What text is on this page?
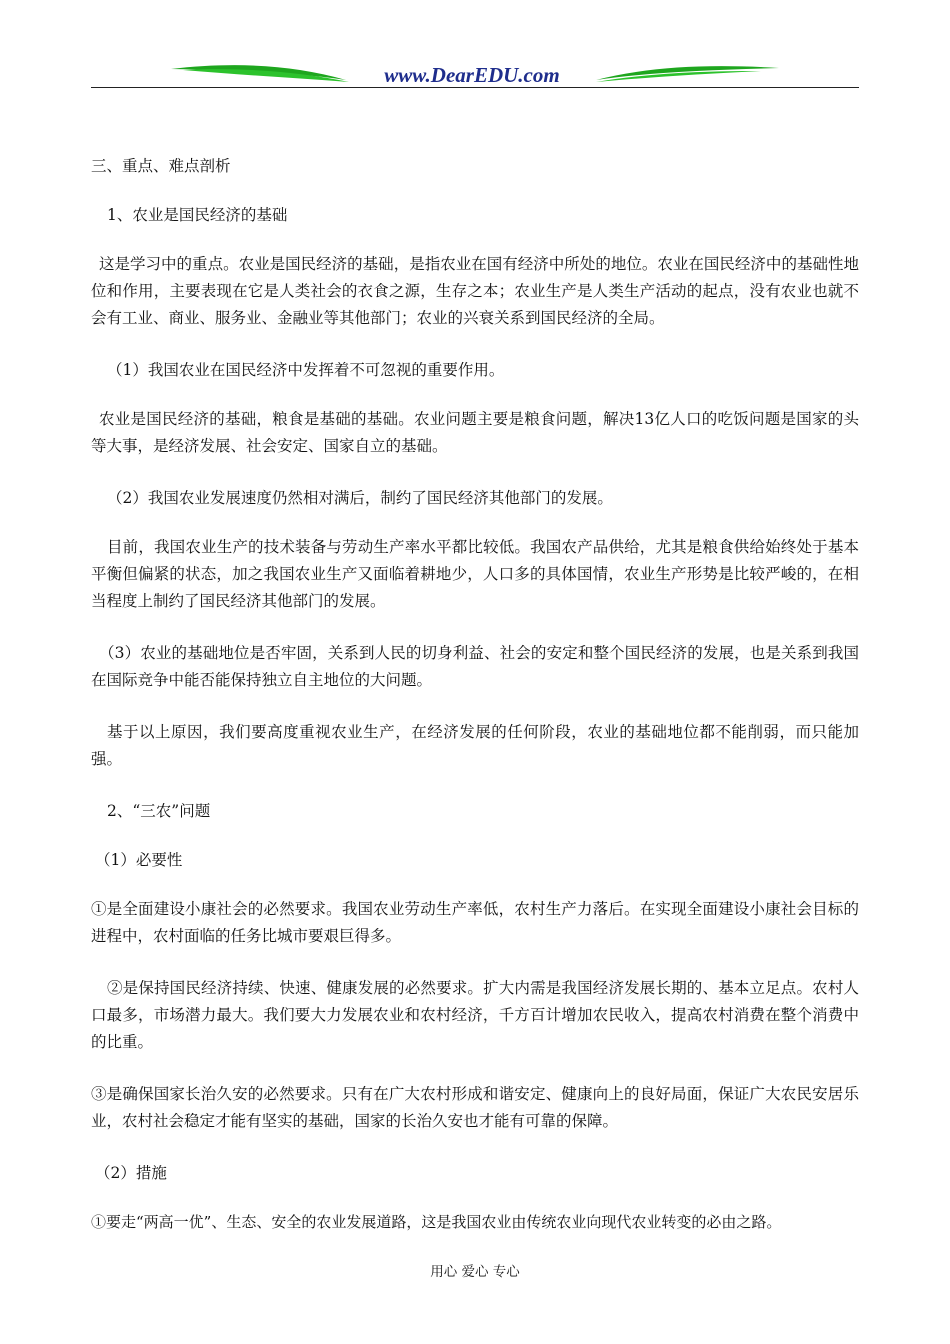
www.DearEDU.com

三、重点、难点剖析

1、农业是国民经济的基础

这是学习中的重点。农业是国民经济的基础，是指农业在国有经济中所处的地位。农业在国民经济中的基础性地位和作用，主要表现在它是人类社会的衣食之源，生存之本；农业生产是人类生产活动的起点，没有农业也就不会有工业、商业、服务业、金融业等其他部门；农业的兴衰关系到国民经济的全局。

（1）我国农业在国民经济中发挥着不可忽视的重要作用。

农业是国民经济的基础，粮食是基础的基础。农业问题主要是粮食问题，解决13亿人口的吃饭问题是国家的头等大事，是经济发展、社会安定、国家自立的基础。

（2）我国农业发展速度仍然相对满后，制约了国民经济其他部门的发展。

目前，我国农业生产的技术装备与劳动生产率水平都比较低。我国农产品供给，尤其是粮食供给始终处于基本平衡但偏紧的状态，加之我国农业生产又面临着耕地少，人口多的具体国情，农业生产形势是比较严峻的，在相当程度上制约了国民经济其他部门的发展。

（3）农业的基础地位是否牢固，关系到人民的切身利益、社会的安定和整个国民经济的发展，也是关系到我国在国际竞争中能否能保持独立自主地位的大问题。

基于以上原因，我们要高度重视农业生产，在经济发展的任何阶段，农业的基础地位都不能削弱，而只能加强。

2、“三农”问题

（1）必要性

①是全面建设小康社会的必然要求。我国农业劳动生产率低，农村生产力落后。在实现全面建设小康社会目标的进程中，农村面临的任务比城市要艰巨得多。

②是保持国民经济持续、快速、健康发展的必然要求。扩大内需是我国经济发展长期的、基本立足点。农村人口最多，市场潜力最大。我们要大力发展农业和农村经济，千方百计增加农民收入，提高农村消费在整个消费中的比重。

③是确保国家长治久安的必然要求。只有在广大农村形成和谐安定、健康向上的良好局面，保证广大农民安居乐业，农村社会稳定才能有坚实的基础，国家的长治久安也才能有可靠的保障。

（2）措施

①要走“两高一优”、生态、安全的农业发展道路，这是我国农业由传统农业向现代农业转变的必由之路。

用心 爱心 专心
